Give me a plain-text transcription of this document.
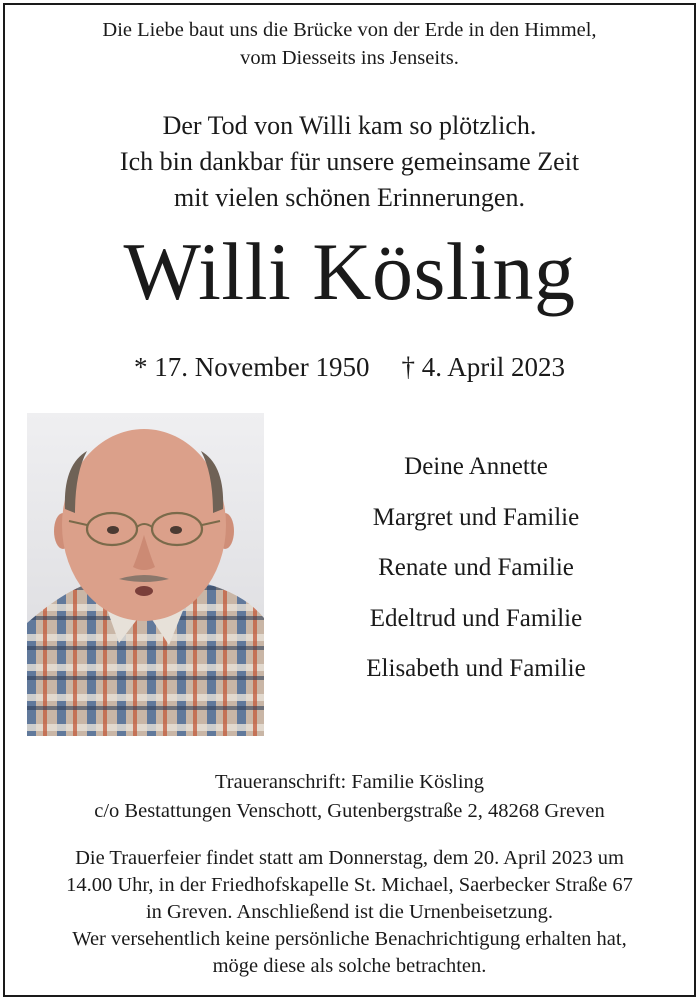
Die Liebe baut uns die Brücke von der Erde in den Himmel,
vom Diesseits ins Jenseits.
Der Tod von Willi kam so plötzlich.
Ich bin dankbar für unsere gemeinsame Zeit
mit vielen schönen Erinnerungen.
Willi Kösling
* 17. November 1950 † 4. April 2023
Deine Annette
Margret und Familie
Renate und Familie
Edeltrud und Familie
Elisabeth und Familie
Traueranschrift: Familie Kösling
c/o Bestattungen Venschott, Gutenbergstraße 2, 48268 Greven
Die Trauerfeier findet statt am Donnerstag, dem 20. April 2023 um
14.00 Uhr, in der Friedhofskapelle St. Michael, Saerbecker Straße 67
in Greven. Anschließend ist die Urnenbeisetzung.
Wer versehentlich keine persönliche Benachrichtigung erhalten hat,
möge diese als solche betrachten.
